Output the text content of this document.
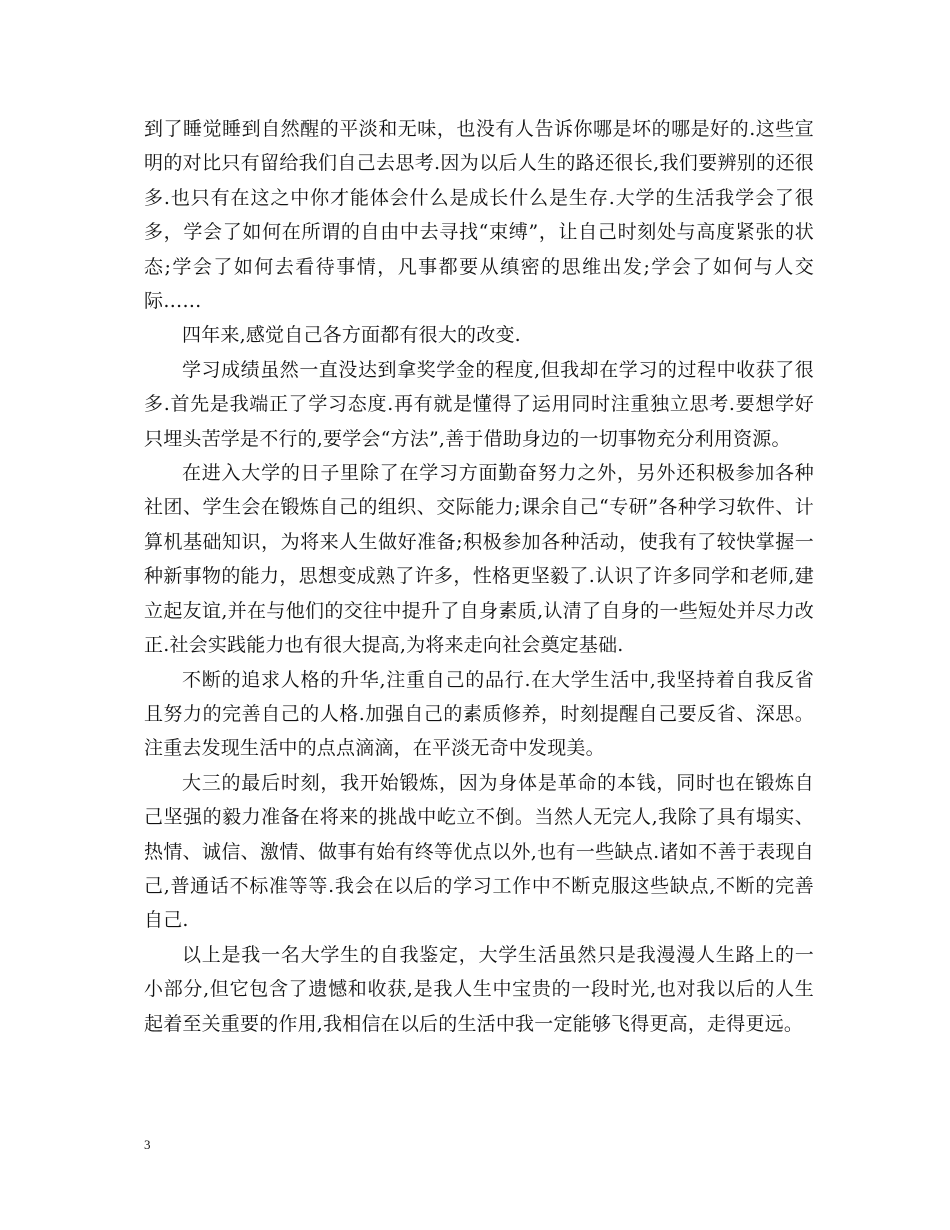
到了睡觉睡到自然醒的平淡和无味，也没有人告诉你哪是坏的哪是好的.这些宣明的对比只有留给我们自己去思考.因为以后人生的路还很长,我们要辨别的还很多.也只有在这之中你才能体会什么是成长什么是生存.大学的生活我学会了很多，学会了如何在所谓的自由中去寻找“束缚”，让自己时刻处与高度紧张的状态;学会了如何去看待事情，凡事都要从缜密的思维出发;学会了如何与人交际……

四年来,感觉自己各方面都有很大的改变.

学习成绩虽然一直没达到拿奖学金的程度,但我却在学习的过程中收获了很多.首先是我端正了学习态度.再有就是懂得了运用同时注重独立思考.要想学好只埋头苦学是不行的,要学会“方法”,善于借助身边的一切事物充分利用资源。

在进入大学的日子里除了在学习方面勤奋努力之外，另外还积极参加各种社团、学生会在锻炼自己的组织、交际能力;课余自己“专研”各种学习软件、计算机基础知识，为将来人生做好准备;积极参加各种活动，使我有了较快掌握一种新事物的能力，思想变成熟了许多，性格更坚毅了.认识了许多同学和老师,建立起友谊,并在与他们的交往中提升了自身素质,认清了自身的一些短处并尽力改正.社会实践能力也有很大提高,为将来走向社会奠定基础.

不断的追求人格的升华,注重自己的品行.在大学生活中,我坚持着自我反省且努力的完善自己的人格.加强自己的素质修养，时刻提醒自己要反省、深思。注重去发现生活中的点点滴滴，在平淡无奇中发现美。

大三的最后时刻，我开始锻炼，因为身体是革命的本钱，同时也在锻炼自己坚强的毅力准备在将来的挑战中屹立不倒。当然人无完人,我除了具有塌实、热情、诚信、激情、做事有始有终等优点以外,也有一些缺点.诸如不善于表现自己,普通话不标准等等.我会在以后的学习工作中不断克服这些缺点,不断的完善自己.

以上是我一名大学生的自我鉴定，大学生活虽然只是我漫漫人生路上的一小部分,但它包含了遗憾和收获,是我人生中宝贵的一段时光,也对我以后的人生起着至关重要的作用,我相信在以后的生活中我一定能够飞得更高，走得更远。

3
